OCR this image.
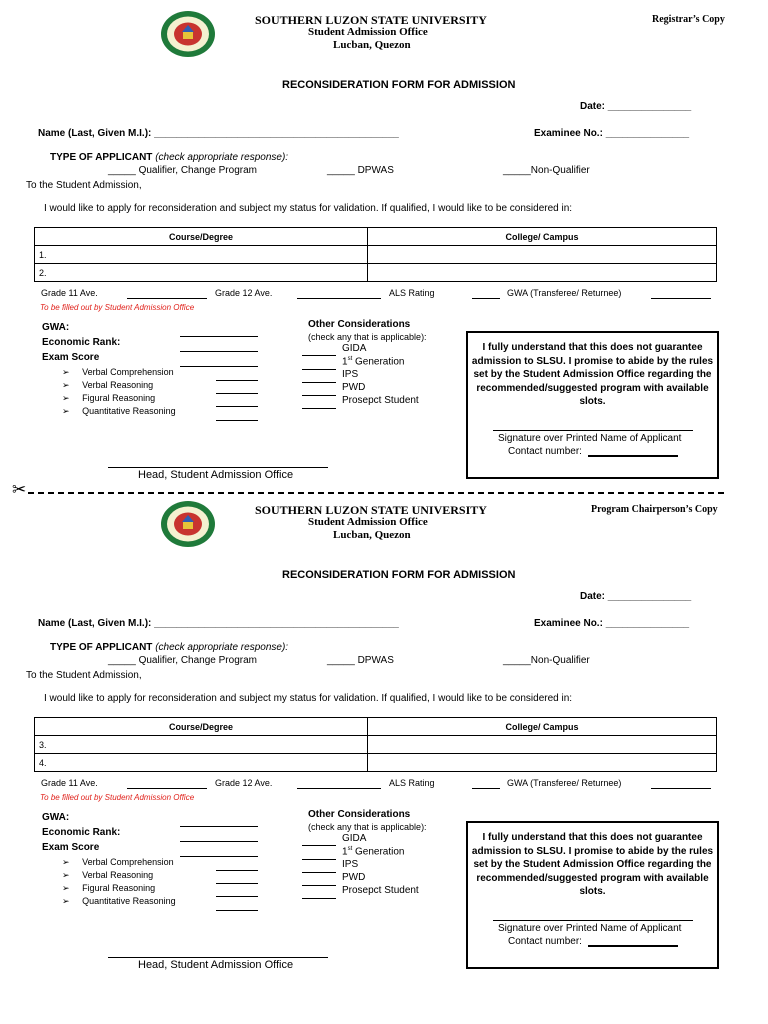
SOUTHERN LUZON STATE UNIVERSITY
Student Admission Office
Lucban, Quezon
Registrar’s Copy
RECONSIDERATION FORM FOR ADMISSION
Date: _______________
Name (Last, Given M.I.): ____________________________________________	Examinee No.: _______________
TYPE OF APPLICANT (check appropriate response):
_____ Qualifier, Change Program	_____ DPWAS	_____Non-Qualifier
To the Student Admission,
I would like to apply for reconsideration and subject my status for validation. If qualified, I would like to be considered in:
Course/Degree	College/ Campus
1.	
2.	
Grade 11 Ave.	Grade 12 Ave.	ALS Rating	GWA (Transferee/ Returnee)
To be filled out by Student Admission Office
GWA:
Economic Rank:
Exam Score
➢ Verbal Comprehension
➢ Verbal Reasoning
➢ Figural Reasoning
➢ Quantitative Reasoning
Other Considerations
(check any that is applicable):
GIDA
1st Generation
IPS
PWD
Prosepct Student
I fully understand that this does not guarantee admission to SLSU. I promise to abide by the rules set by the Student Admission Office regarding the recommended/suggested program with available slots.
Signature over Printed Name of Applicant
Contact number:
Head, Student Admission Office
SOUTHERN LUZON STATE UNIVERSITY
Student Admission Office
Lucban, Quezon
Program Chairperson’s Copy
RECONSIDERATION FORM FOR ADMISSION
Date: _______________
Name (Last, Given M.I.): ____________________________________________	Examinee No.: _______________
TYPE OF APPLICANT (check appropriate response):
_____ Qualifier, Change Program	_____ DPWAS	_____Non-Qualifier
To the Student Admission,
I would like to apply for reconsideration and subject my status for validation. If qualified, I would like to be considered in:
Course/Degree	College/ Campus
3.	
4.	
Grade 11 Ave.	Grade 12 Ave.	ALS Rating	GWA (Transferee/ Returnee)
To be filled out by Student Admission Office
GWA:
Economic Rank:
Exam Score
➢ Verbal Comprehension
➢ Verbal Reasoning
➢ Figural Reasoning
➢ Quantitative Reasoning
Other Considerations
(check any that is applicable):
GIDA
1st Generation
IPS
PWD
Prosepct Student
I fully understand that this does not guarantee admission to SLSU. I promise to abide by the rules set by the Student Admission Office regarding the recommended/suggested program with available slots.
Signature over Printed Name of Applicant
Contact number:
Head, Student Admission Office
✂
